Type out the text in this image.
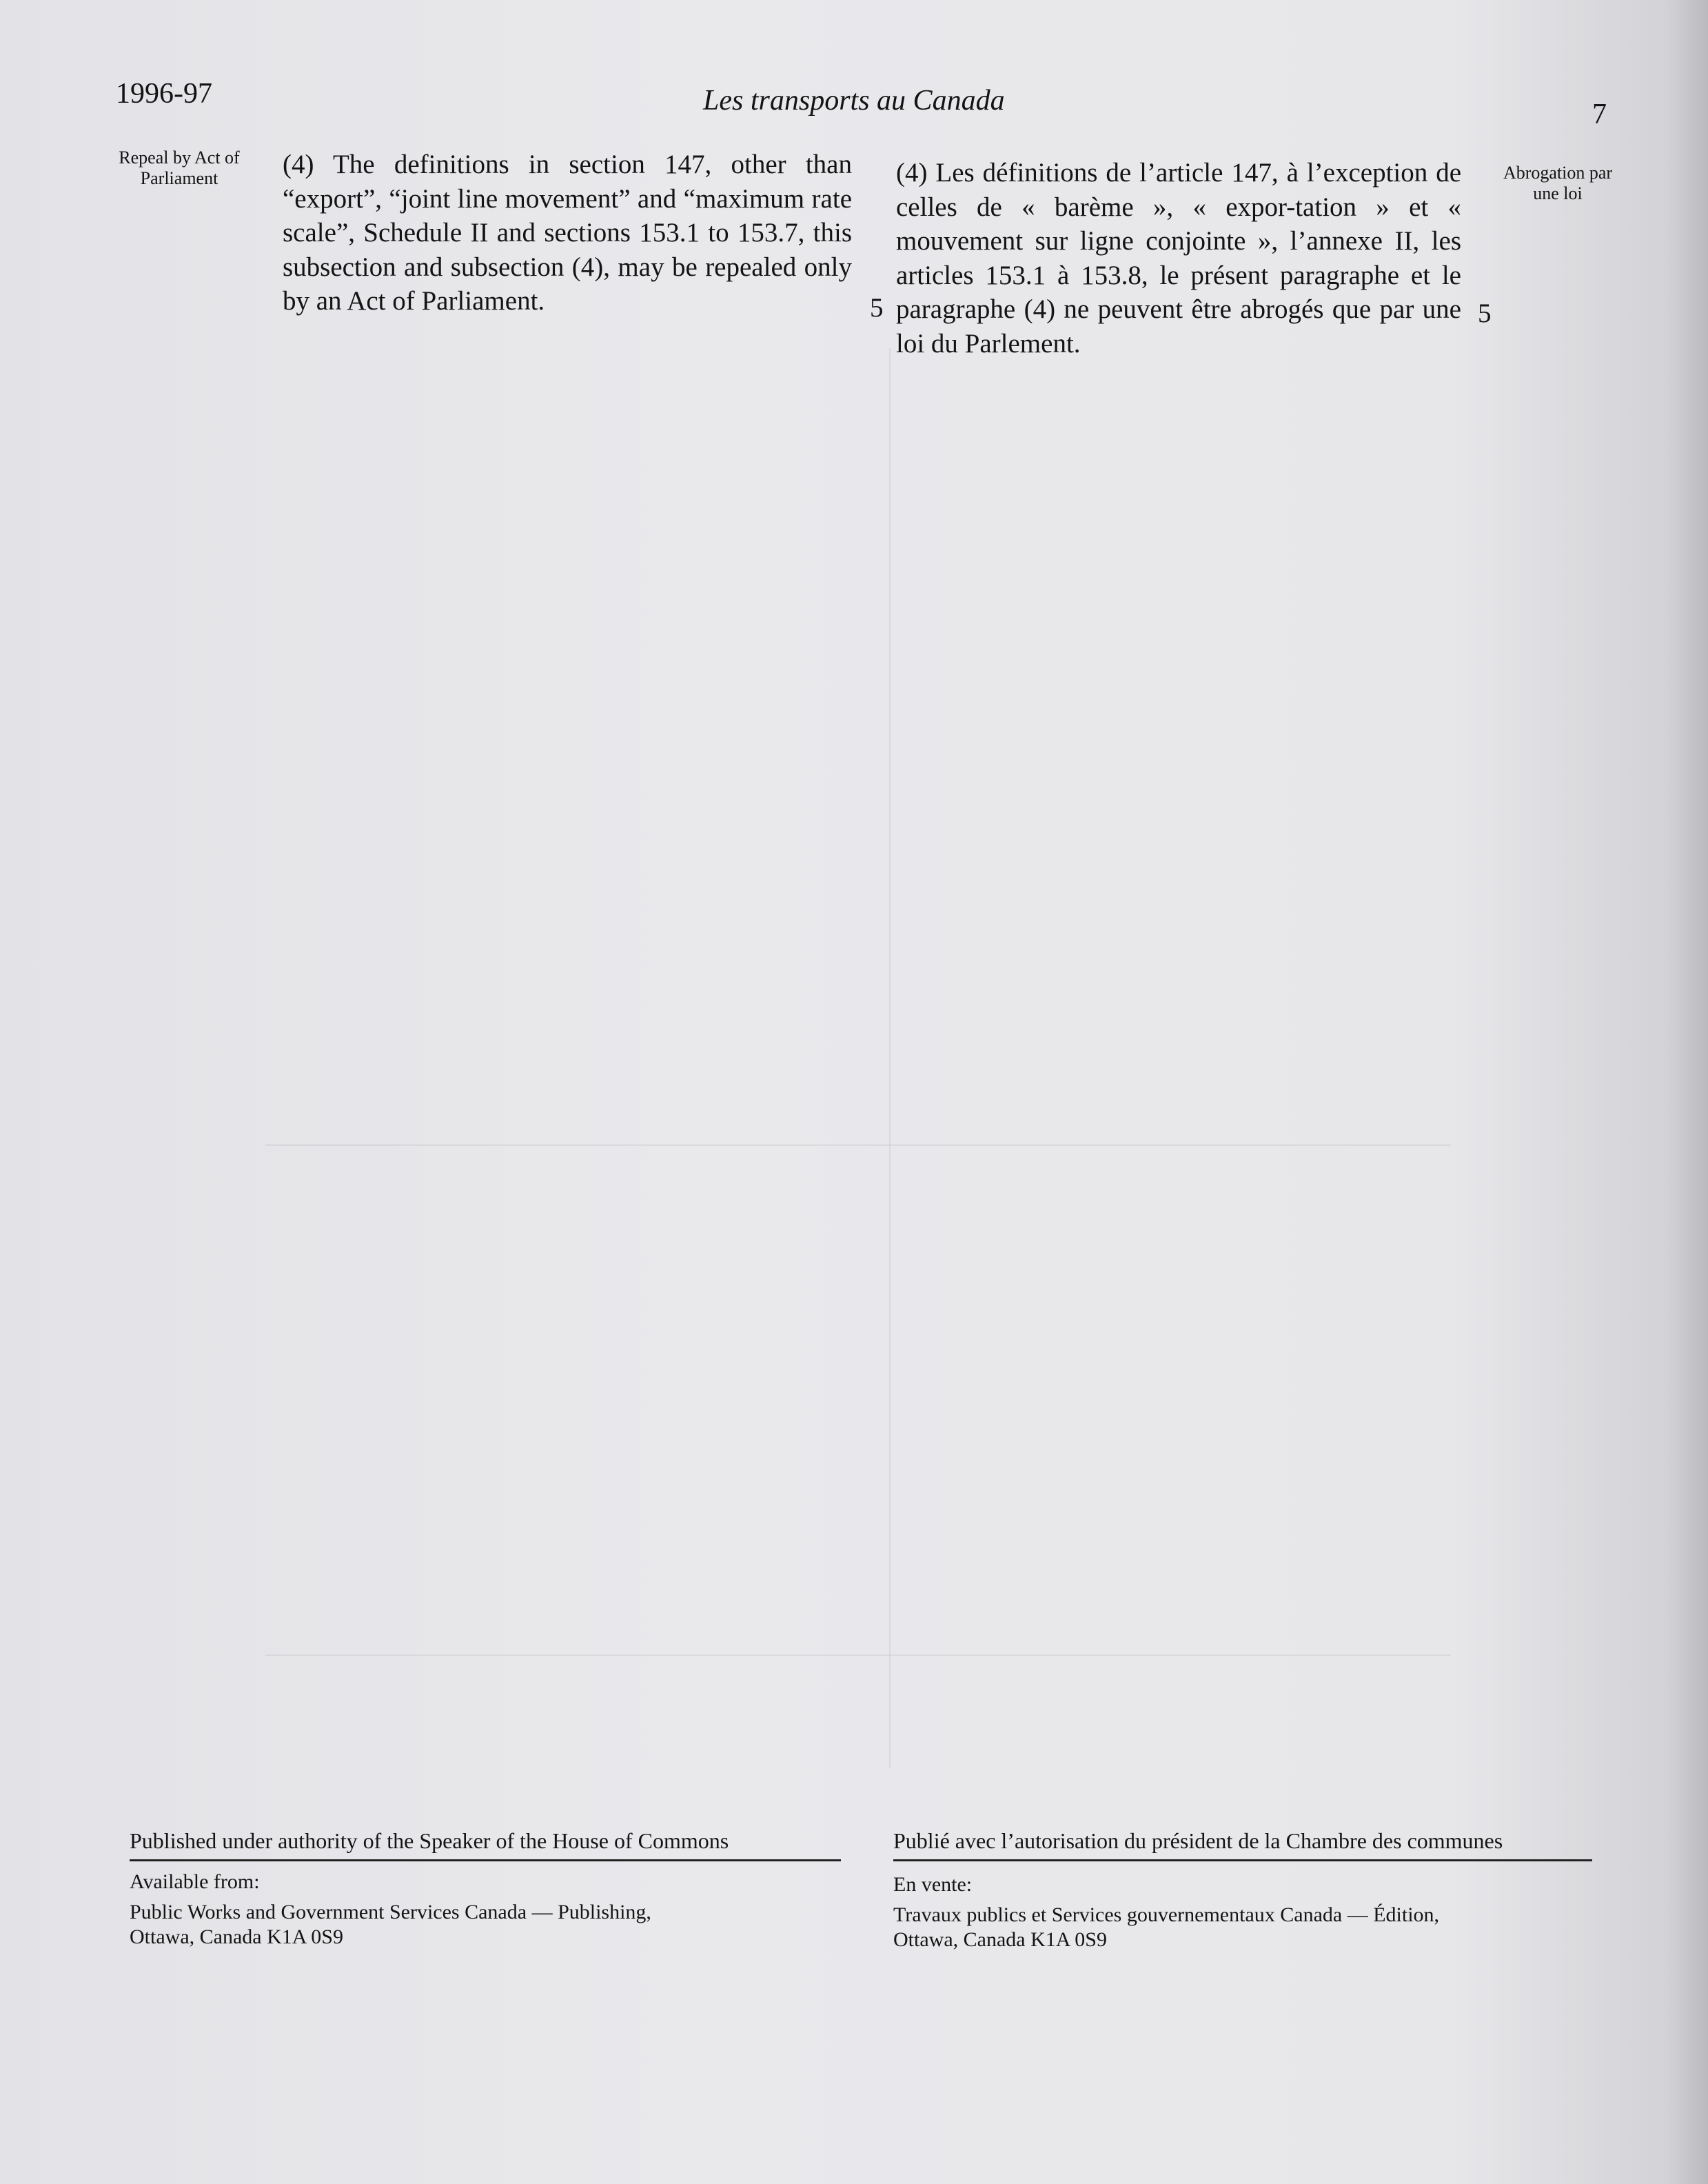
1996-97	Les transports au Canada	7
Repeal by Act of Parliament	Abrogation par une loi
(4) The definitions in section 147, other than “export”, “joint line movement” and “maximum rate scale”, Schedule II and sections 153.1 to 153.7, this subsection and subsection (4), may be repealed only by an Act of Parliament.
(4) Les définitions de l’article 147, à l’exception de celles de « barème », « expor-tation » et « mouvement sur ligne conjointe », l’annexe II, les articles 153.1 à 153.8, le présent paragraphe et le paragraphe (4) ne peuvent être abrogés que par une loi du Parlement.
5	5
Published under authority of the Speaker of the House of Commons	Publié avec l’autorisation du président de la Chambre des communes
Available from:
Public Works and Government Services Canada — Publishing,
Ottawa, Canada K1A 0S9
En vente:
Travaux publics et Services gouvernementaux Canada — Édition,
Ottawa, Canada K1A 0S9
